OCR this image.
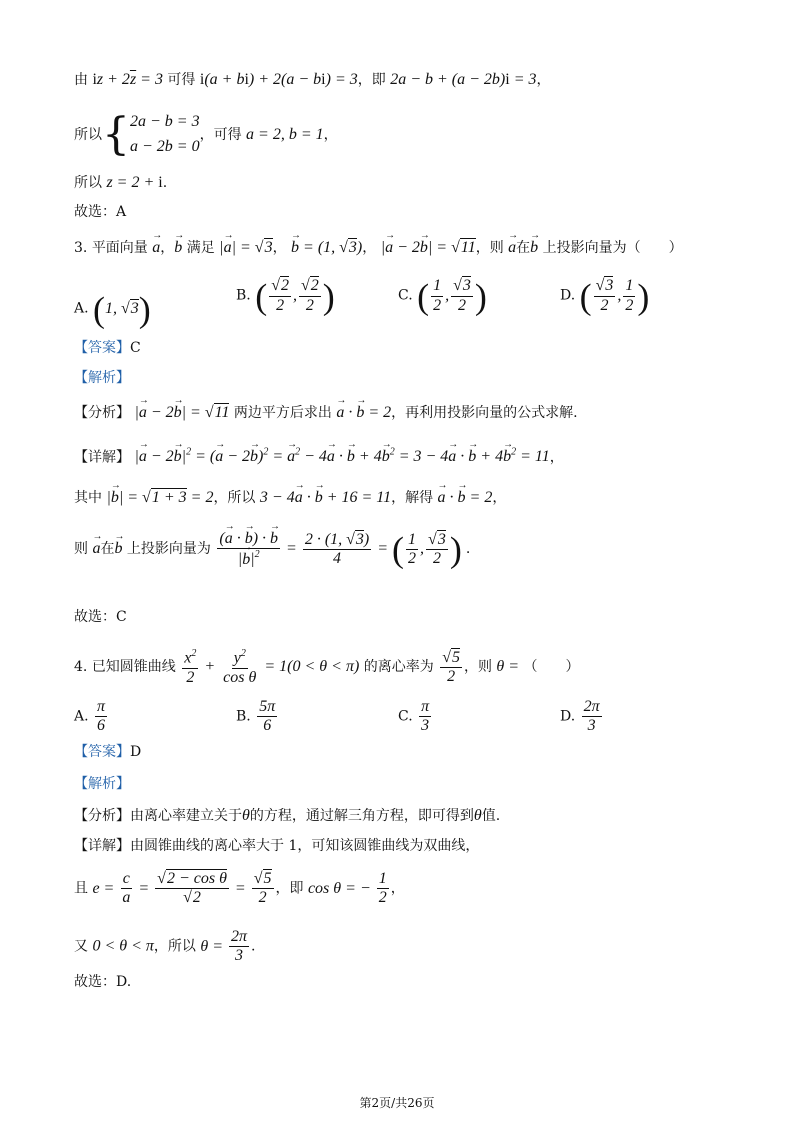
由 iz + $2\overline{z} = 3$ 可得 i(a + bi) + 2(a − bi) = 3，即 2a − b + (a − 2b)i = 3，
所以{ 2a − b = 3
a − 2b = 0
，可得 a = 2, b = 1，
所以 z = 2 + i.
故选：A
3. 平面向量 → a，→ b 满足 |→ a| = √3， → b = (1, √3)， |→ a − 2→ b| = √11，则 → a在→ b 上投影向量为（　　）
A. (1, √3)	B. ( $\frac{√2}{2}$ , $\frac{√2}{2}$ )	C. ( $\frac{1}{2}$ , $\frac{√3}{2}$ )	D. ( $\frac{√3}{2}$ , $\frac{1}{2}$ )
【答案】C
【解析】
【分析】 |→ a − 2→ b| = √11 两边平方后求出 → a · → b = 2，再利用投影向量的公式求解.
【详解】 |→ $a - 2\to b|^2$ = (→ a − 2→ b)$^2$ = → $a^2 - 4\to a$ · → $b + 4\to b^2 = 3 - 4\to a$ · → $b + 4\to b^2 = 11$，
其中 |→ b| = √1 + 3 = 2，所以 3 − 4→ a · → b + 16 = 11，解得 → a · → b = 2，
则 → a在→ b 上投影向量为 $\frac{(\to a \cdot \to b) \cdot \to b}{|\to b|^2} = \frac{2 \cdot (1, √3)}{4}$ = ( $\frac{1}{2}$ , $\frac{√3}{2}$ ) .
故选：C
4. 已知圆锥曲线 $\frac{x^2}{2} + \frac{y^2}{\text{cos θ}} = 1(0 < \theta < \pi)$ 的离心率为 $\frac{√5}{2}$ ，则 θ = （　　）
A. $\frac{\pi}{6}$	B. $\frac{5\pi}{6}$	C. $\frac{\pi}{3}$	D. $\frac{2\pi}{3}$
【答案】D
【解析】
【分析】由离心率建立关于θ的方程，通过解三角方程，即可得到θ值.
【详解】由圆锥曲线的离心率大于 1，可知该圆锥曲线为双曲线，
且 $e = \frac{c}{a} = \frac{\text{√2 − cos θ}}{√2} = \frac{√5}{2}$ ，即 cos θ = − $\frac{1}{2}$ ，
又 0 < θ < π，所以 $\theta = \frac{2\pi}{3}$ .
故选：D.
第2页/共26页
